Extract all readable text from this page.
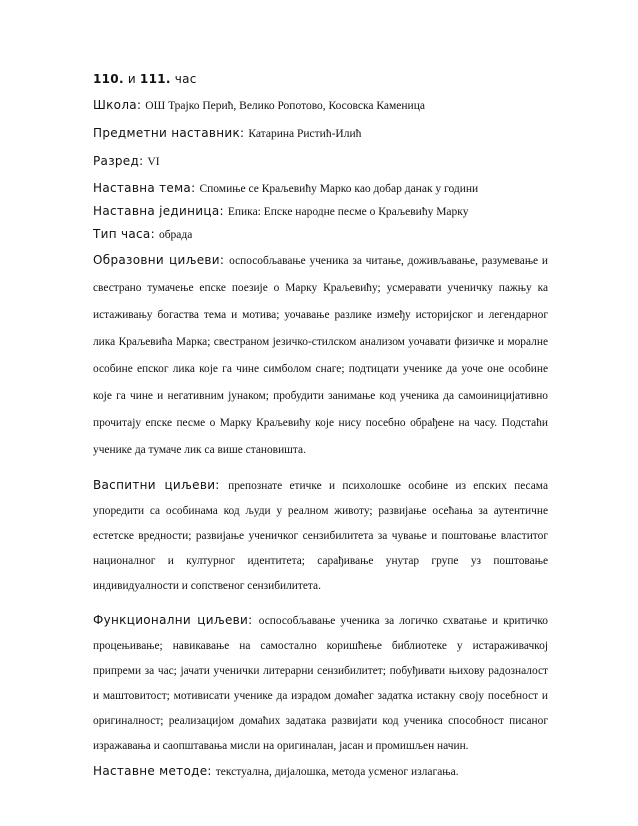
110. и 111. час

Школа: ОШ Трајко Перић, Велико Ропотово, Косовска Каменица

Предметни наставник: Катарина Ристић-Илић

Разред: VI

Наставна тема: Спомиње се Краљевићу Марко као добар данак у години

Наставна јединица: Епика: Епске народне песме о Краљевићу Марку

Тип часа: обрада

Образовни циљеви: оспособљавање ученика за читање, доживљавање, разумевање и свестрано тумачење епске поезије о Марку Краљевићу; усмеравати ученичку пажњу ка истаживању богаства тема и мотива; уочавање разлике између историјског и легендарног лика Краљевића Марка; свестраном језичко-стилском анализом уочавати физичке и моралне особине епског лика које га чине симболом снаге; подтицати ученике да уоче оне особине које га чине и негативним јунаком; пробудити занимање код ученика да самоиницијативно прочитају епске песме о Марку Краљевићу које нису посебно обрађене на часу. Подстаћи ученике да тумаче лик са више становишта.

Васпитни циљеви: препознате етичке и психолошке особине из епских песама упоредити са особинама код људи у реалном животу; развијање осећања за аутентичне естетске вредности; развијање ученичког сензибилитета за чување и поштовање властитог националног и културног идентитета; сарађивање унутар групе уз поштовање индивидуалности и сопственог сензибилитета.

Функционални циљеви: оспособљавање ученика за логичко схватање и критичко процењивање; навикавање на самостално коришћење библиотеке у истараживачкој припреми за час; јачати ученички литерарни сензибилитет; побуђивати њихову радозналост и маштовитост; мотивисати ученике да израдом домаћег задатка истакну своју посебност и оригиналност; реализацијом домаћих задатака развијати код ученика способност писаног изражавања и саопштавања мисли на оригиналан, јасан и промишљен начин.

Наставне методе: текстуална, дијалошка, метода усменог излагања.
